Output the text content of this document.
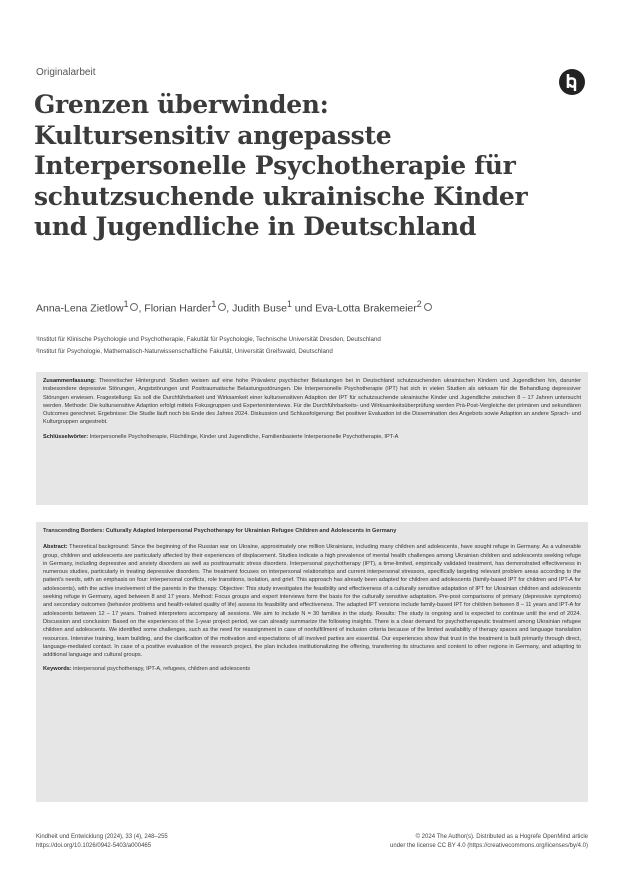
Originalarbeit
Grenzen überwinden:
Kultursensitiv angepasste
Interpersonelle Psychotherapie für
schutzsuchende ukrainische Kinder
und Jugendliche in Deutschland
Anna-Lena Zietlow$^1$ , Florian Harder$^1$ , Judith Buse$^1$ und Eva-Lotta Brakemeier$^2$
¹Institut für Klinische Psychologie und Psychotherapie, Fakultät für Psychologie, Technische Universität Dresden, Deutschland
²Institut für Psychologie, Mathematisch-Naturwissenschaftliche Fakultät, Universität Greifswald, Deutschland

Zusammenfassung: Theoretischer Hintergrund: Studien weisen auf eine hohe Prävalenz psychischer Belastungen bei in Deutschland schutzsuchenden ukrainischen Kindern und Jugendlichen hin, darunter insbesondere depressive Störungen, Angststörungen und Posttraumatische Belastungsstörungen. Die Interpersonelle Psychotherapie (IPT) hat sich in vielen Studien als wirksam für die Behandlung depressiver Störungen erwiesen. Fragestellung: Es soll die Durchführbarkeit und Wirksamkeit einer kultursensitiven Adaption der IPT für schutzsuchende ukrainische Kinder und Jugendliche zwischen 8 – 17 Jahren untersucht werden. Methode: Die kultursensitive Adaption erfolgt mittels Fokusgruppen und Experteninterviews. Für die Durchführbarkeits- und Wirksamkeitsüberprüfung werden Prä-Post-Vergleiche der primären und sekundären Outcomes gerechnet. Ergebnisse: Die Studie läuft noch bis Ende des Jahres 2024. Diskussion und Schlussfolgerung: Bei positiver Evaluation ist die Dissemination des Angebots sowie Adaption an andere Sprach- und Kulturgruppen angestrebt.

Schlüsselwörter: Interpersonelle Psychotherapie, Flüchtlinge, Kinder und Jugendliche, Familienbasierte Interpersonelle Psychotherapie, IPT-A

Transcending Borders: Culturally Adapted Interpersonal Psychotherapy for Ukrainian Refugee Children and Adolescents in Germany

Abstract: Theoretical background: Since the beginning of the Russian war on Ukraine, approximately one million Ukrainians, including many children and adolescents, have sought refuge in Germany. As a vulnerable group, children and adolescents are particularly affected by their experiences of displacement. Studies indicate a high prevalence of mental health challenges among Ukrainian children and adolescents seeking refuge in Germany, including depressive and anxiety disorders as well as posttraumatic stress disorders. Interpersonal psychotherapy (IPT), a time-limited, empirically validated treatment, has demonstrated effectiveness in numerous studies, particularly in treating depressive disorders. The treatment focuses on interpersonal relationships and current interpersonal stressors, specifically targeting relevant problem areas according to the patient's needs, with an emphasis on four: interpersonal conflicts, role transitions, isolation, and grief. This approach has already been adapted for children and adolescents (family-based IPT for children and IPT-A for adolescents), with the active involvement of the parents in the therapy. Objective: This study investigates the feasibility and effectiveness of a culturally sensitive adaptation of IPT for Ukrainian children and adolescents seeking refuge in Germany, aged between 8 and 17 years. Method: Focus groups and expert interviews form the basis for the culturally sensitive adaptation. Pre-post comparisons of primary (depressive symptoms) and secondary outcomes (behavior problems and health-related quality of life) assess its feasibility and effectiveness. The adapted IPT versions include family-based IPT for children between 8 – 11 years and IPT-A for adolescents between 12 – 17 years. Trained interpreters accompany all sessions. We aim to include N = 30 families in the study. Results: The study is ongoing and is expected to continue until the end of 2024. Discussion and conclusion: Based on the experiences of the 1-year project period, we can already summarize the following insights. There is a clear demand for psychotherapeutic treatment among Ukrainian refugee children and adolescents. We identified some challenges, such as the need for reassignment in case of nonfulfillment of inclusion criteria because of the limited availability of therapy spaces and language translation resources. Intensive training, team building, and the clarification of the motivation and expectations of all involved parties are essential. Our experiences show that trust in the treatment is built primarily through direct, language-mediated contact. In case of a positive evaluation of the research project, the plan includes institutionalizing the offering, transferring its structures and content to other regions in Germany, and adapting to additional language and cultural groups.

Keywords: interpersonal psychotherapy, IPT-A, refugees, children and adolescents

Kindheit und Entwicklung (2024), 33 (4), 248–255
https://doi.org/10.1026/0942-5403/a000465
© 2024 The Author(s). Distributed as a Hogrefe OpenMind article
under the license CC BY 4.0 (https://creativecommons.org/licenses/by/4.0)
